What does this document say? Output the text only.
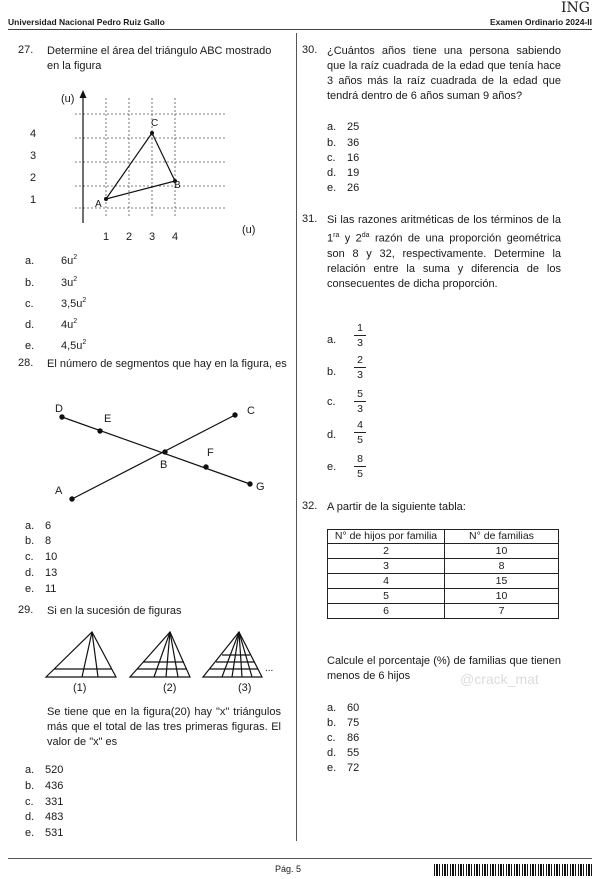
Universidad Nacional Pedro Ruiz Gallo	Examen Ordinario 2024-II
ING
27. Determine el área del triángulo ABC mostrado en la figura
(u)
(u)
4
3
2
1
1 2 3 4
A
B
C
a. $6u^2$
b. $3u^2$
c. $3,5u^2$
d. $4u^2$
e. $4,5u^2$
28. El número de segmentos que hay en la figura, es
D
E
C
B
F
A	G
a. 6
b. 8
c. 10
d. 13
e. 11
29. Si en la sucesión de figuras
...
(1)	(2)	(3)
Se tiene que en la figura(20) hay "x" triángulos más que el total de las tres primeras figuras. El valor de "x" es
a. 520
b. 436
c. 331
d. 483
e. 531
30. ¿Cuántos años tiene una persona sabiendo que la raíz cuadrada de la edad que tenía hace 3 años más la raíz cuadrada de la edad que tendrá dentro de 6 años suman 9 años?
a. 25
b. 36
c. 16
d. 19
e. 26
31. Si las razones aritméticas de los términos de la $1^{ra}$ y $2^{da}$ razón de una proporción geométrica son 8 y 32, respectivamente. Determine la relación entre la suma y diferencia de los consecuentes de dicha proporción.
a.
1
3
b.
2
3
c.
5
3
d.
4
5
e.
8
5
32. A partir de la siguiente tabla:
N° de hijos por familia	N° de familias
2	10
3	8
4	15
5	10
6	7
Calcule el porcentaje (%) de familias que tienen menos de 6 hijos	@crack_mat
a. 60
b. 75
c. 86
d. 55
e. 72
Pág. 5
